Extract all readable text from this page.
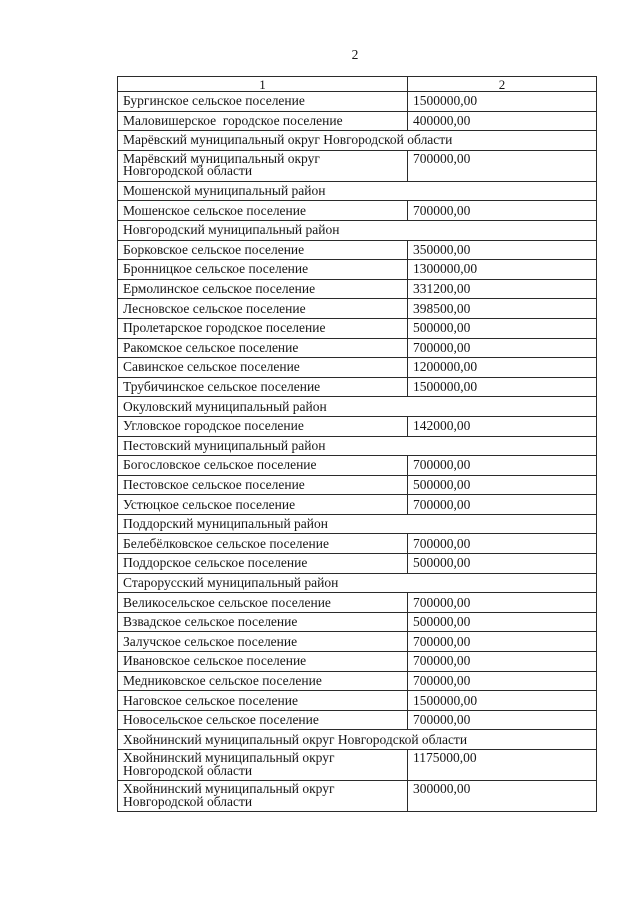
2
1	2
Бургинское сельское поселение	1500000,00
Маловишерское  городское поселение	400000,00
Марёвский муниципальный округ Новгородской области	
Марёвский муниципальный округ
Новгородской области	700000,00
Мошенской муниципальный район	
Мошенское сельское поселение	700000,00
Новгородский муниципальный район	
Борковское сельское поселение	350000,00
Бронницкое сельское поселение	1300000,00
Ермолинское сельское поселение	331200,00
Лесновское сельское поселение	398500,00
Пролетарское городское поселение	500000,00
Ракомское сельское поселение	700000,00
Савинское сельское поселение	1200000,00
Трубичинское сельское поселение	1500000,00
Окуловский муниципальный район	
Угловское городское поселение	142000,00
Пестовский муниципальный район	
Богословское сельское поселение	700000,00
Пестовское сельское поселение	500000,00
Устюцкое сельское поселение	700000,00
Поддорский муниципальный район	
Белебёлковское сельское поселение	700000,00
Поддорское сельское поселение	500000,00
Старорусский муниципальный район	
Великосельское сельское поселение	700000,00
Взвадское сельское поселение	500000,00
Залучское сельское поселение	700000,00
Ивановское сельское поселение	700000,00
Медниковское сельское поселение	700000,00
Наговское сельское поселение	1500000,00
Новосельское сельское поселение	700000,00
Хвойнинский муниципальный округ Новгородской области	
Хвойнинский муниципальный округ
Новгородской области	1175000,00
Хвойнинский муниципальный округ
Новгородской области	300000,00
